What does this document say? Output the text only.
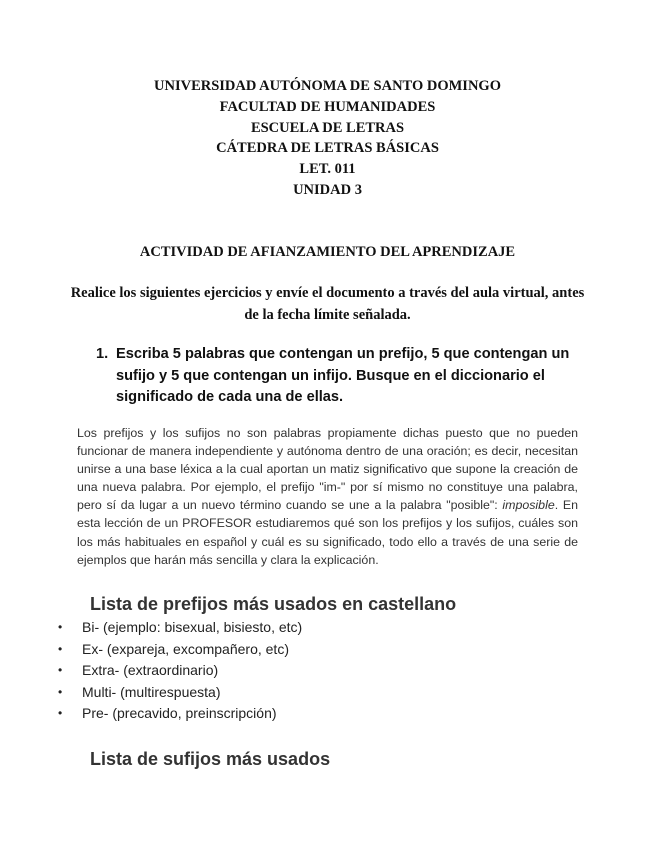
UNIVERSIDAD AUTÓNOMA DE SANTO DOMINGO
FACULTAD DE HUMANIDADES
ESCUELA DE LETRAS
CÁTEDRA DE LETRAS BÁSICAS
LET. 011
UNIDAD 3
ACTIVIDAD DE AFIANZAMIENTO DEL APRENDIZAJE
Realice los siguientes ejercicios y envíe el documento a través del aula virtual, antes de la fecha límite señalada.
1. Escriba 5 palabras que contengan un prefijo, 5 que contengan un sufijo y 5 que contengan un infijo. Busque en el diccionario el significado de cada una de ellas.
Los prefijos y los sufijos no son palabras propiamente dichas puesto que no pueden funcionar de manera independiente y autónoma dentro de una oración; es decir, necesitan unirse a una base léxica a la cual aportan un matiz significativo que supone la creación de una nueva palabra. Por ejemplo, el prefijo "im-" por sí mismo no constituye una palabra, pero sí da lugar a un nuevo término cuando se une a la palabra "posible": imposible. En esta lección de un PROFESOR estudiaremos qué son los prefijos y los sufijos, cuáles son los más habituales en español y cuál es su significado, todo ello a través de una serie de ejemplos que harán más sencilla y clara la explicación.
Lista de prefijos más usados en castellano
• Bi- (ejemplo: bisexual, bisiesto, etc)
• Ex- (expareja, excompañero, etc)
• Extra- (extraordinario)
• Multi- (multirespuesta)
• Pre- (precavido, preinscripción)
Lista de sufijos más usados
